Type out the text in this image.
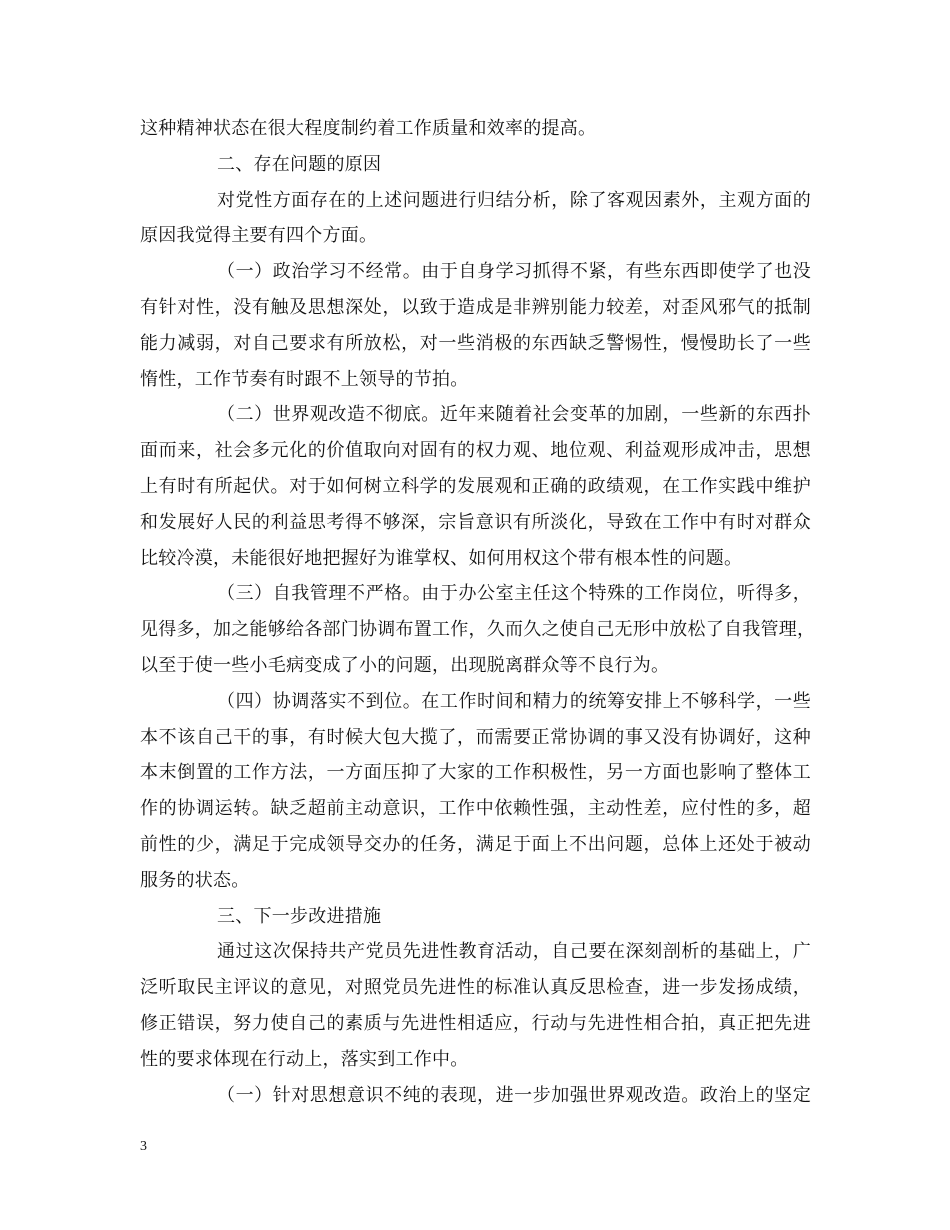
这种精神状态在很大程度制约着工作质量和效率的提高。
二、存在问题的原因
对党性方面存在的上述问题进行归结分析，除了客观因素外，主观方面的
原因我觉得主要有四个方面。
（一）政治学习不经常。由于自身学习抓得不紧，有些东西即使学了也没
有针对性，没有触及思想深处，以致于造成是非辨别能力较差，对歪风邪气的抵制
能力减弱，对自己要求有所放松，对一些消极的东西缺乏警惕性，慢慢助长了一些
惰性，工作节奏有时跟不上领导的节拍。
（二）世界观改造不彻底。近年来随着社会变革的加剧，一些新的东西扑
面而来，社会多元化的价值取向对固有的权力观、地位观、利益观形成冲击，思想
上有时有所起伏。对于如何树立科学的发展观和正确的政绩观，在工作实践中维护
和发展好人民的利益思考得不够深，宗旨意识有所淡化，导致在工作中有时对群众
比较冷漠，未能很好地把握好为谁掌权、如何用权这个带有根本性的问题。
（三）自我管理不严格。由于办公室主任这个特殊的工作岗位，听得多，
见得多，加之能够给各部门协调布置工作，久而久之使自己无形中放松了自我管理，
以至于使一些小毛病变成了小的问题，出现脱离群众等不良行为。
（四）协调落实不到位。在工作时间和精力的统筹安排上不够科学，一些
本不该自己干的事，有时候大包大揽了，而需要正常协调的事又没有协调好，这种
本末倒置的工作方法，一方面压抑了大家的工作积极性，另一方面也影响了整体工
作的协调运转。缺乏超前主动意识，工作中依赖性强，主动性差，应付性的多，超
前性的少，满足于完成领导交办的任务，满足于面上不出问题，总体上还处于被动
服务的状态。
三、下一步改进措施
通过这次保持共产党员先进性教育活动，自己要在深刻剖析的基础上，广
泛听取民主评议的意见，对照党员先进性的标准认真反思检查，进一步发扬成绩，
修正错误，努力使自己的素质与先进性相适应，行动与先进性相合拍，真正把先进
性的要求体现在行动上，落实到工作中。
（一）针对思想意识不纯的表现，进一步加强世界观改造。政治上的坚定
3
